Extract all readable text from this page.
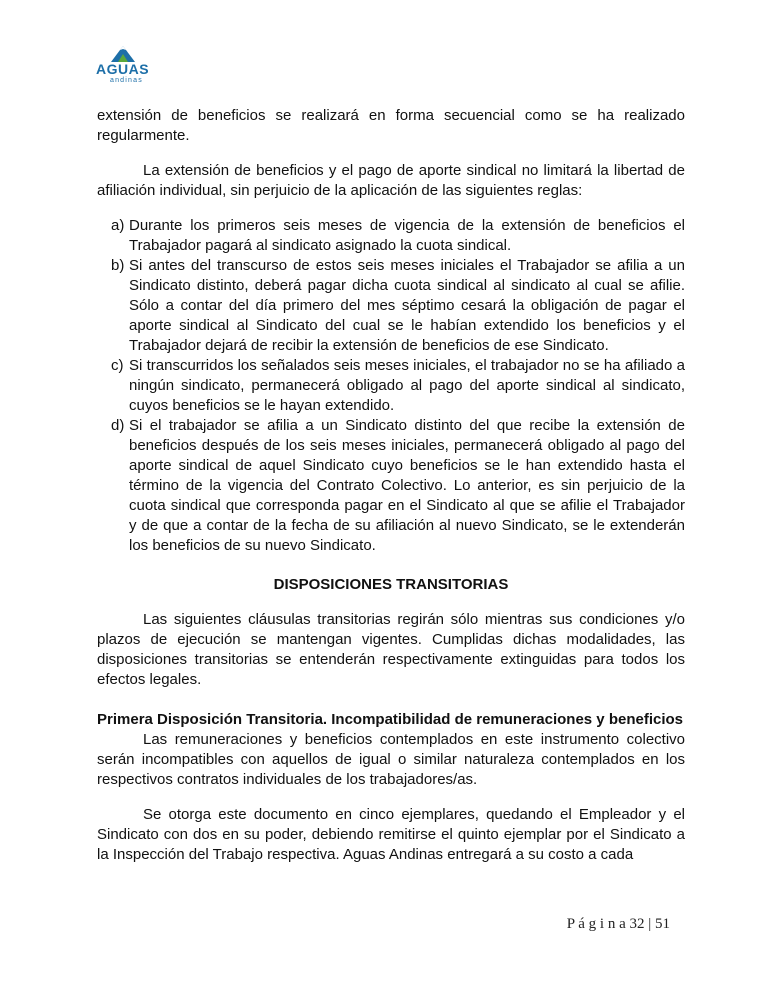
AGUAS
andinas

extensión de beneficios se realizará en forma secuencial como se ha realizado regularmente.

La extensión de beneficios y el pago de aporte sindical no limitará la libertad de afiliación individual, sin perjuicio de la aplicación de las siguientes reglas:

a) Durante los primeros seis meses de vigencia de la extensión de beneficios el Trabajador pagará al sindicato asignado la cuota sindical.
b) Si antes del transcurso de estos seis meses iniciales el Trabajador se afilia a un Sindicato distinto, deberá pagar dicha cuota sindical al sindicato al cual se afilie. Sólo a contar del día primero del mes séptimo cesará la obligación de pagar el aporte sindical al Sindicato del cual se le habían extendido los beneficios y el Trabajador dejará de recibir la extensión de beneficios de ese Sindicato.
c) Si transcurridos los señalados seis meses iniciales, el trabajador no se ha afiliado a ningún sindicato, permanecerá obligado al pago del aporte sindical al sindicato, cuyos beneficios se le hayan extendido.
d) Si el trabajador se afilia a un Sindicato distinto del que recibe la extensión de beneficios después de los seis meses iniciales, permanecerá obligado al pago del aporte sindical de aquel Sindicato cuyo beneficios se le han extendido hasta el término de la vigencia del Contrato Colectivo. Lo anterior, es sin perjuicio de la cuota sindical que corresponda pagar en el Sindicato al que se afilie el Trabajador y de que a contar de la fecha de su afiliación al nuevo Sindicato, se le extenderán los beneficios de su nuevo Sindicato.

DISPOSICIONES TRANSITORIAS

Las siguientes cláusulas transitorias regirán sólo mientras sus condiciones y/o plazos de ejecución se mantengan vigentes. Cumplidas dichas modalidades, las disposiciones transitorias se entenderán respectivamente extinguidas para todos los efectos legales.

Primera Disposición Transitoria. Incompatibilidad de remuneraciones y beneficios

Las remuneraciones y beneficios contemplados en este instrumento colectivo serán incompatibles con aquellos de igual o similar naturaleza contemplados en los respectivos contratos individuales de los trabajadores/as.

Se otorga este documento en cinco ejemplares, quedando el Empleador y el Sindicato con dos en su poder, debiendo remitirse el quinto ejemplar por el Sindicato a la Inspección del Trabajo respectiva. Aguas Andinas entregará a su costo a cada

P á g i n a 32 | 51
